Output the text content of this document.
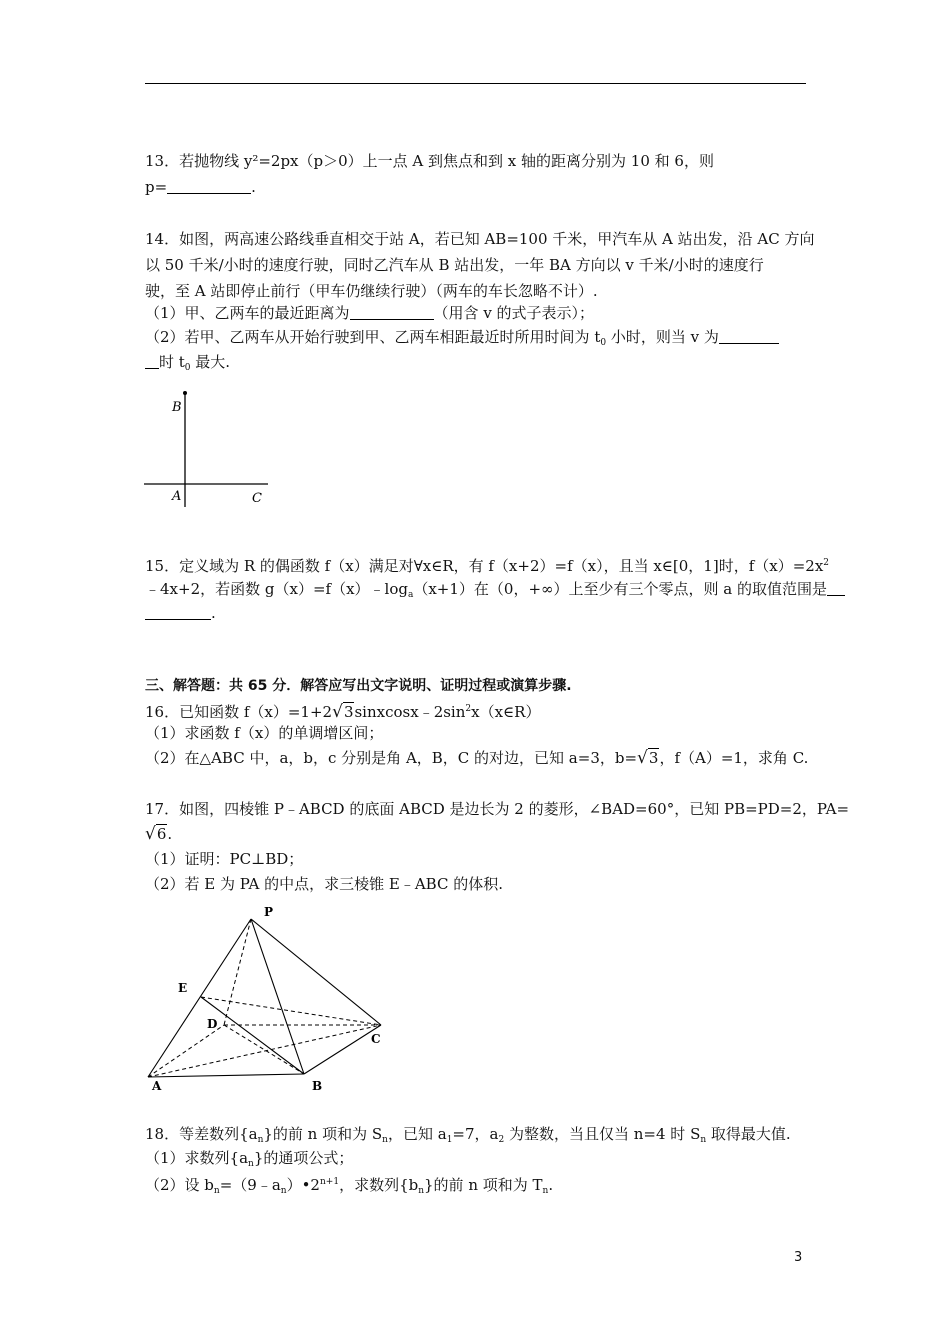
13．若抛物线 y²=2px（p＞0）上一点 A 到焦点和到 x 轴的距离分别为 10 和 6，则
p=	.
14．如图，两高速公路线垂直相交于站 A，若已知 AB=100 千米，甲汽车从 A 站出发，沿 AC 方向
以 50 千米/小时的速度行驶，同时乙汽车从 B 站出发，一年 BA 方向以 v 千米/小时的速度行
驶，至 A 站即停止前行（甲车仍继续行驶）（两车的车长忽略不计）.
（1）甲、乙两车的最近距离为	（用含 v 的式子表示）；
（2）若甲、乙两车从开始行驶到甲、乙两车相距最近时所用时间为 $t_0$ 小时，则当 v 为
时 $t_0$ 最大.
B
A	C
15．定义域为 R 的偶函数 f（x）满足对∀x∈R，有 f（x+2）=f（x），且当 x∈[0，1]时，$f(x)=2x^2$
﹣4x+2，若函数 $g(x)=f(x)﹣\log_a(x+1)$在（0，+∞）上至少有三个零点，则 a 的取值范围是
.
三、解答题：共 65 分．解答应写出文字说明、证明过程或演算步骤.
16．已知函数 $f(x)=1+2√3sinxcosx﹣2\sin^2x(x\in R)$
（1）求函数 f（x）的单调增区间；
（2）在△ABC 中，a，b，c 分别是角 A，B，C 的对边，已知 a=3，b=√3，f（A）=1，求角 C.
17．如图，四棱锥 P﹣ABCD 的底面 ABCD 是边长为 2 的菱形，∠BAD=60°，已知 PB=PD=2，PA=
√6.
（1）证明：PC⊥BD；
（2）若 E 为 PA 的中点，求三棱锥 E﹣ABC 的体积.
P
E
D
C
A	B
18．等差数列$\{a_n\}$的前 n 项和为 $S_n$，已知 $a_1=7$，$a_2$ 为整数，当且仅当 n=4 时 $S_n$ 取得最大值.
（1）求数列$\{a_n\}$的通项公式；
（2）设 $b_n=(9﹣a_n)•2^{n+1}$，求数列$\{b_n\}$的前 n 项和为 $T_n$.
3
